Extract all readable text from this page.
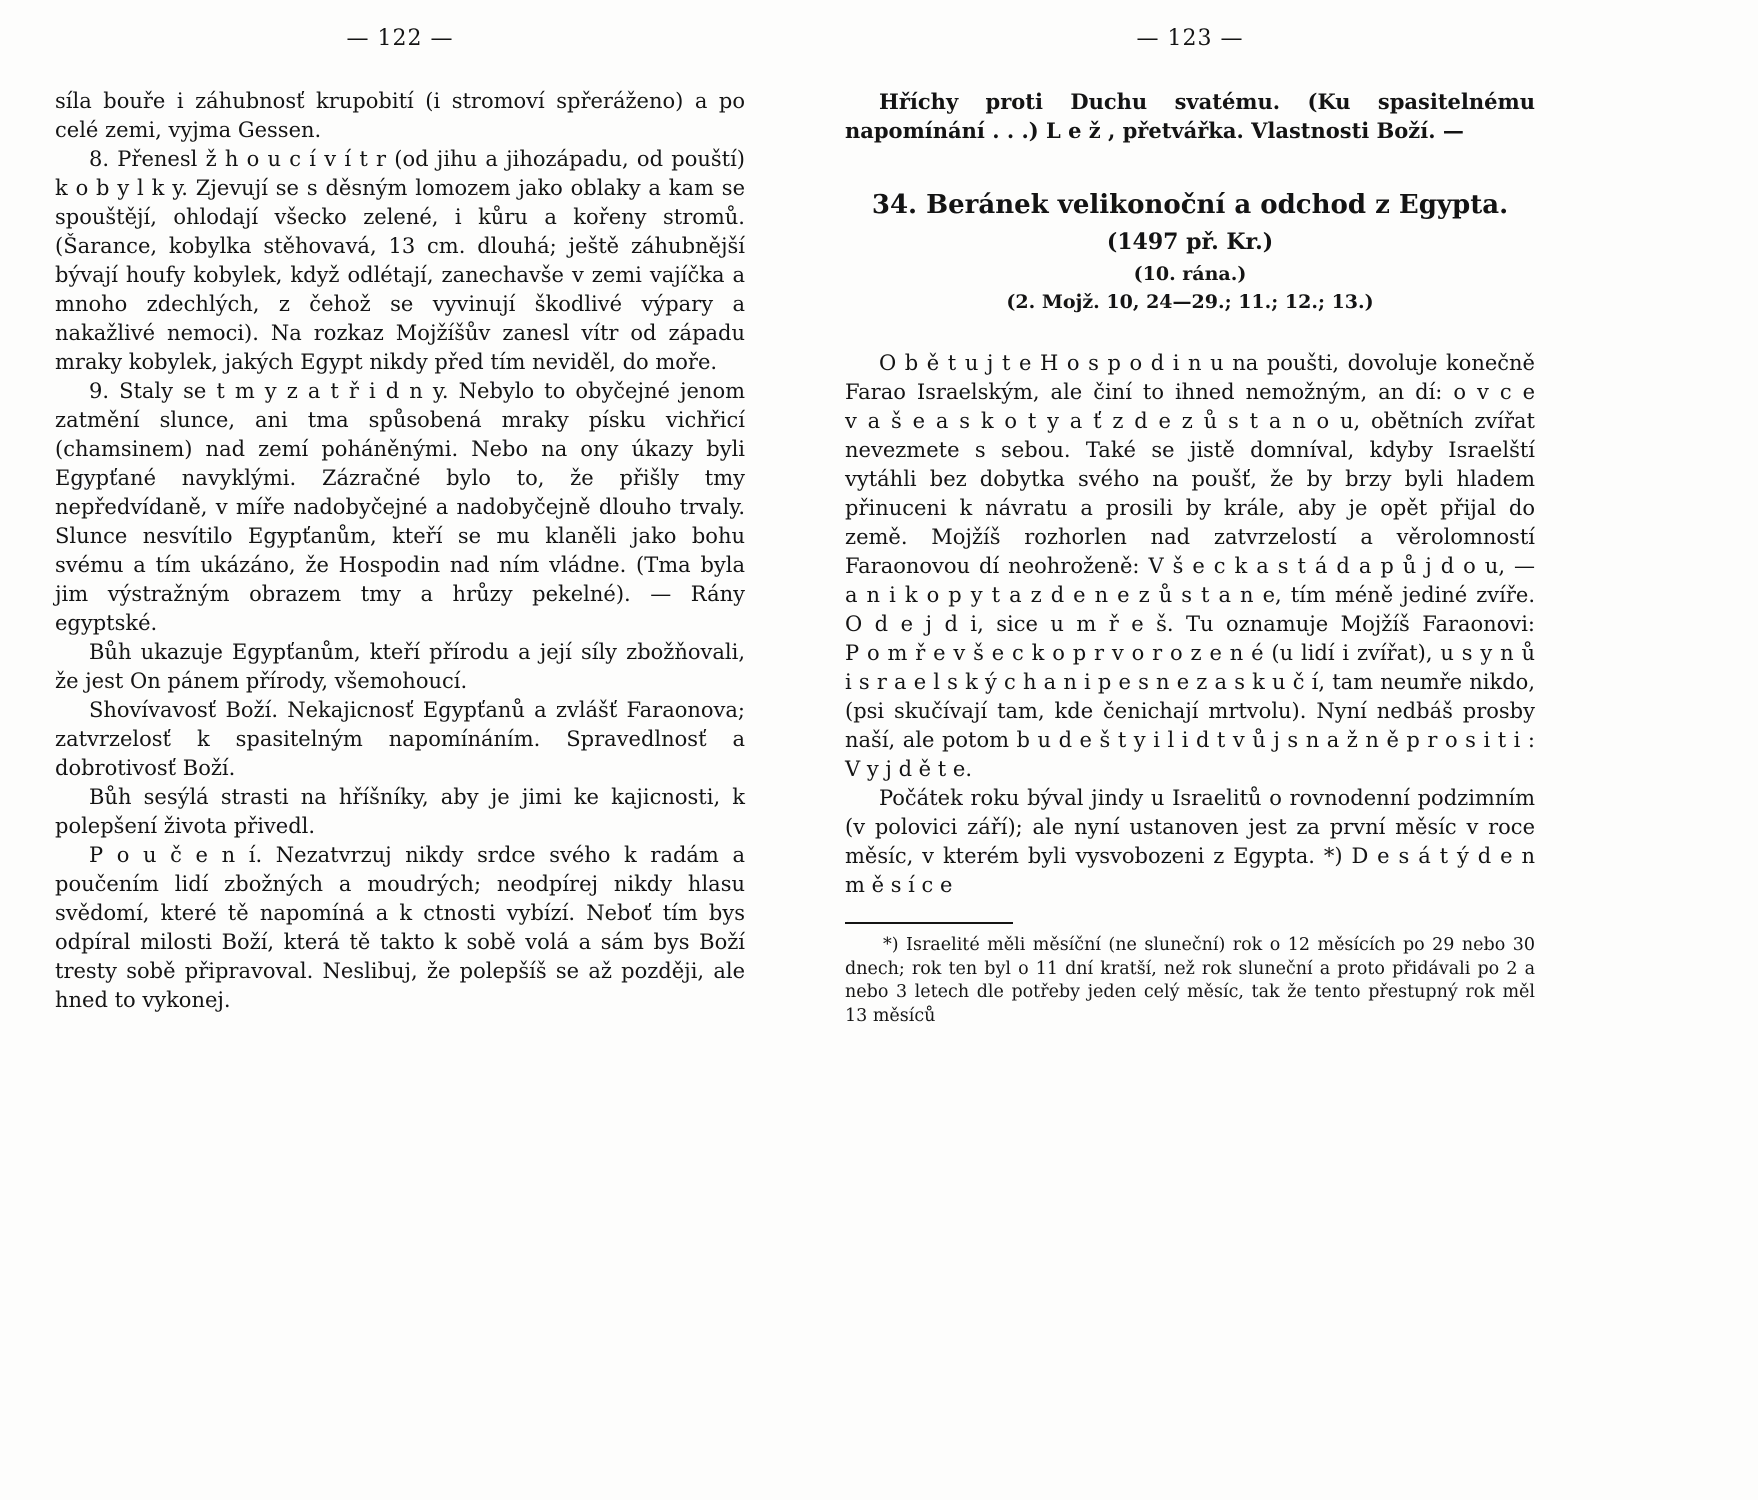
— 122 —

síla bouře i záhubnosť krupobití (i stromoví spřeráženo) a po celé zemi, vyjma Gessen.

8. Přenesl ž h o u c í v í t r (od jihu a jihozápadu, od pouští) k o b y l k y. Zjevují se s děsným lomozem jako oblaky a kam se spouštějí, ohlodají všecko zelené, i kůru a kořeny stromů. (Šarance, kobylka stěhovavá, 13 cm. dlouhá; ještě záhubnější bývají houfy kobylek, když odlétají, zanechavše v zemi vajíčka a mnoho zdechlých, z čehož se vyvinují škodlivé výpary a nakažlivé nemoci). Na rozkaz Mojžíšův zanesl vítr od západu mraky kobylek, jakých Egypt nikdy před tím neviděl, do moře.

9. Staly se t m y z a t ř i d n y. Nebylo to obyčejné jenom zatmění slunce, ani tma spůsobená mraky písku vichřicí (chamsinem) nad zemí poháněnými. Nebo na ony úkazy byli Egypťané navyklými. Zázračné bylo to, že přišly tmy nepředvídaně, v míře nadobyčejné a nadobyčejně dlouho trvaly. Slunce nesvítilo Egypťanům, kteří se mu klaněli jako bohu svému a tím ukázáno, že Hospodin nad ním vládne. (Tma byla jim výstražným obrazem tmy a hrůzy pekelné). — Rány egyptské.

Bůh ukazuje Egypťanům, kteří přírodu a její síly zbožňovali, že jest On pánem přírody, všemohoucí.

Shovívavosť Boží. Nekajicnosť Egypťanů a zvlášť Faraonova; zatvrzelosť k spasitelným napomínáním. Spravedlnosť a dobrotivosť Boží.

Bůh sesýlá strasti na hříšníky, aby je jimi ke kajicnosti, k polepšení života přivedl.

P o u č e n í. Nezatvrzuj nikdy srdce svého k radám a poučením lidí zbožných a moudrých; neodpírej nikdy hlasu svědomí, které tě napomíná a k ctnosti vybízí. Neboť tím bys odpíral milosti Boží, která tě takto k sobě volá a sám bys Boží tresty sobě připravoval. Neslibuj, že polepšíš se až později, ale hned to vykonej.

— 123 —

Hříchy proti Duchu svatému. (Ku spasitelnému napomínání . . .) L e ž , přetvářka. Vlastnosti Boží. —

34. Beránek velikonoční a odchod z Egypta.
(1497 př. Kr.)
(10. rána.)
(2. Mojž. 10, 24—29.; 11.; 12.; 13.)

O b ě t u j t e H o s p o d i n u na poušti, dovoluje konečně Farao Israelským, ale činí to ihned nemožným, an dí: o v c e v a š e a s k o t y a ť z d e z ů s t a n o u, obětních zvířat nevezmete s sebou. Také se jistě domníval, kdyby Israelští vytáhli bez dobytka svého na poušť, že by brzy byli hladem přinuceni k návratu a prosili by krále, aby je opět přijal do země. Mojžíš rozhorlen nad zatvrzelostí a věrolomností Faraonovou dí neohroženě: V š e c k a s t á d a p ů j d o u, — a n i k o p y t a z d e n e z ů s t a n e, tím méně jediné zvíře. O d e j d i, sice u m ř e š. Tu oznamuje Mojžíš Faraonovi: P o m ř e v š e c k o p r v o r o z e n é (u lidí i zvířat), u s y n ů i s r a e l s k ý c h a n i p e s n e z a s k u č í, tam neumře nikdo, (psi skučívají tam, kde čenichají mrtvolu). Nyní nedbáš prosby naší, ale potom b u d e š t y i l i d t v ů j s n a ž n ě p r o s i t i : V y j d ě t e.

Počátek roku býval jindy u Israelitů o rovnodenní podzimním (v polovici září); ale nyní ustanoven jest za první měsíc v roce měsíc, v kterém byli vysvobozeni z Egypta. *) D e s á t ý d e n m ě s í c e

*) Israelité měli měsíční (ne sluneční) rok o 12 měsících po 29 nebo 30 dnech; rok ten byl o 11 dní kratší, než rok sluneční a proto přidávali po 2 a nebo 3 letech dle potřeby jeden celý měsíc, tak že tento přestupný rok měl 13 měsíců
